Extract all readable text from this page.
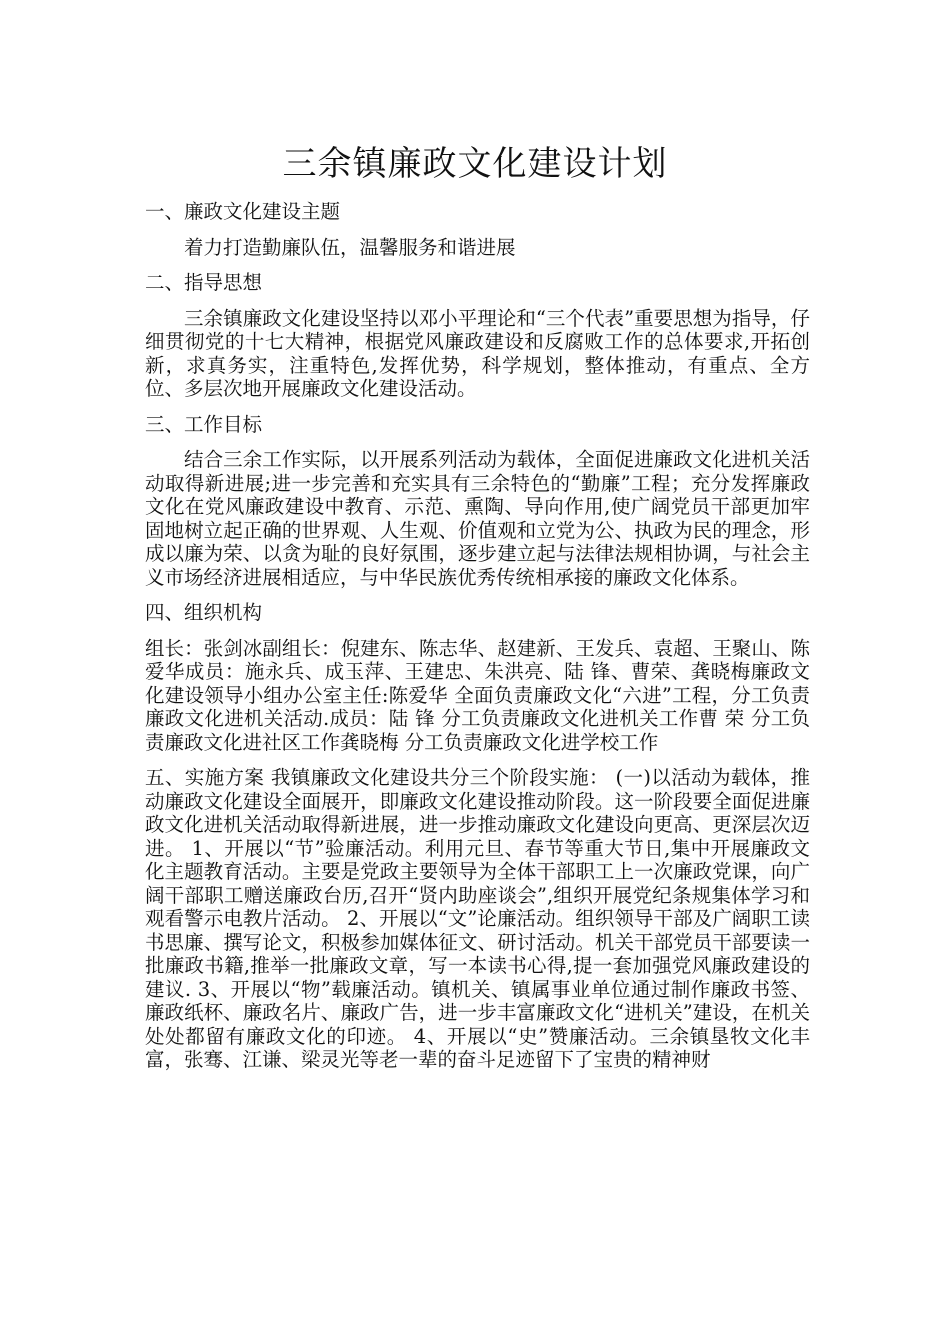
三余镇廉政文化建设计划
一、廉政文化建设主题
着力打造勤廉队伍，温馨服务和谐进展
二、指导思想
三余镇廉政文化建设坚持以邓小平理论和“三个代表”重要思想为指导，仔细贯彻党的十七大精神，根据党风廉政建设和反腐败工作的总体要求,开拓创新，求真务实，注重特色,发挥优势，科学规划，整体推动，有重点、全方位、多层次地开展廉政文化建设活动。
三、工作目标
结合三余工作实际，以开展系列活动为载体，全面促进廉政文化进机关活动取得新进展;进一步完善和充实具有三余特色的“勤廉”工程；充分发挥廉政文化在党风廉政建设中教育、示范、熏陶、导向作用,使广阔党员干部更加牢固地树立起正确的世界观、人生观、价值观和立党为公、执政为民的理念，形成以廉为荣、以贪为耻的良好氛围，逐步建立起与法律法规相协调，与社会主义市场经济进展相适应，与中华民族优秀传统相承接的廉政文化体系。
四、组织机构
组长：张剑冰副组长：倪建东、陈志华、赵建新、王发兵、袁超、王聚山、陈爱华成员：施永兵、成玉萍、王建忠、朱洪亮、陆 锋、曹荣、龚晓梅廉政文化建设领导小组办公室主任:陈爱华 全面负责廉政文化“六进”工程，分工负责廉政文化进机关活动.成员：陆 锋 分工负责廉政文化进机关工作曹 荣 分工负责廉政文化进社区工作龚晓梅 分工负责廉政文化进学校工作
五、实施方案 我镇廉政文化建设共分三个阶段实施： (一)以活动为载体，推动廉政文化建设全面展开，即廉政文化建设推动阶段。这一阶段要全面促进廉政文化进机关活动取得新进展，进一步推动廉政文化建设向更高、更深层次迈进。 1、开展以“节”验廉活动。利用元旦、春节等重大节日,集中开展廉政文化主题教育活动。主要是党政主要领导为全体干部职工上一次廉政党课，向广阔干部职工赠送廉政台历,召开“贤内助座谈会”,组织开展党纪条规集体学习和观看警示电教片活动。 2、开展以“文”论廉活动。组织领导干部及广阔职工读书思廉、撰写论文，积极参加媒体征文、研讨活动。机关干部党员干部要读一批廉政书籍,推举一批廉政文章，写一本读书心得,提一套加强党风廉政建设的建议. 3、开展以“物”载廉活动。镇机关、镇属事业单位通过制作廉政书签、廉政纸杯、廉政名片、廉政广告，进一步丰富廉政文化“进机关”建设，在机关处处都留有廉政文化的印迹。 4、开展以“史”赞廉活动。三余镇垦牧文化丰富，张骞、江谦、梁灵光等老一辈的奋斗足迹留下了宝贵的精神财
